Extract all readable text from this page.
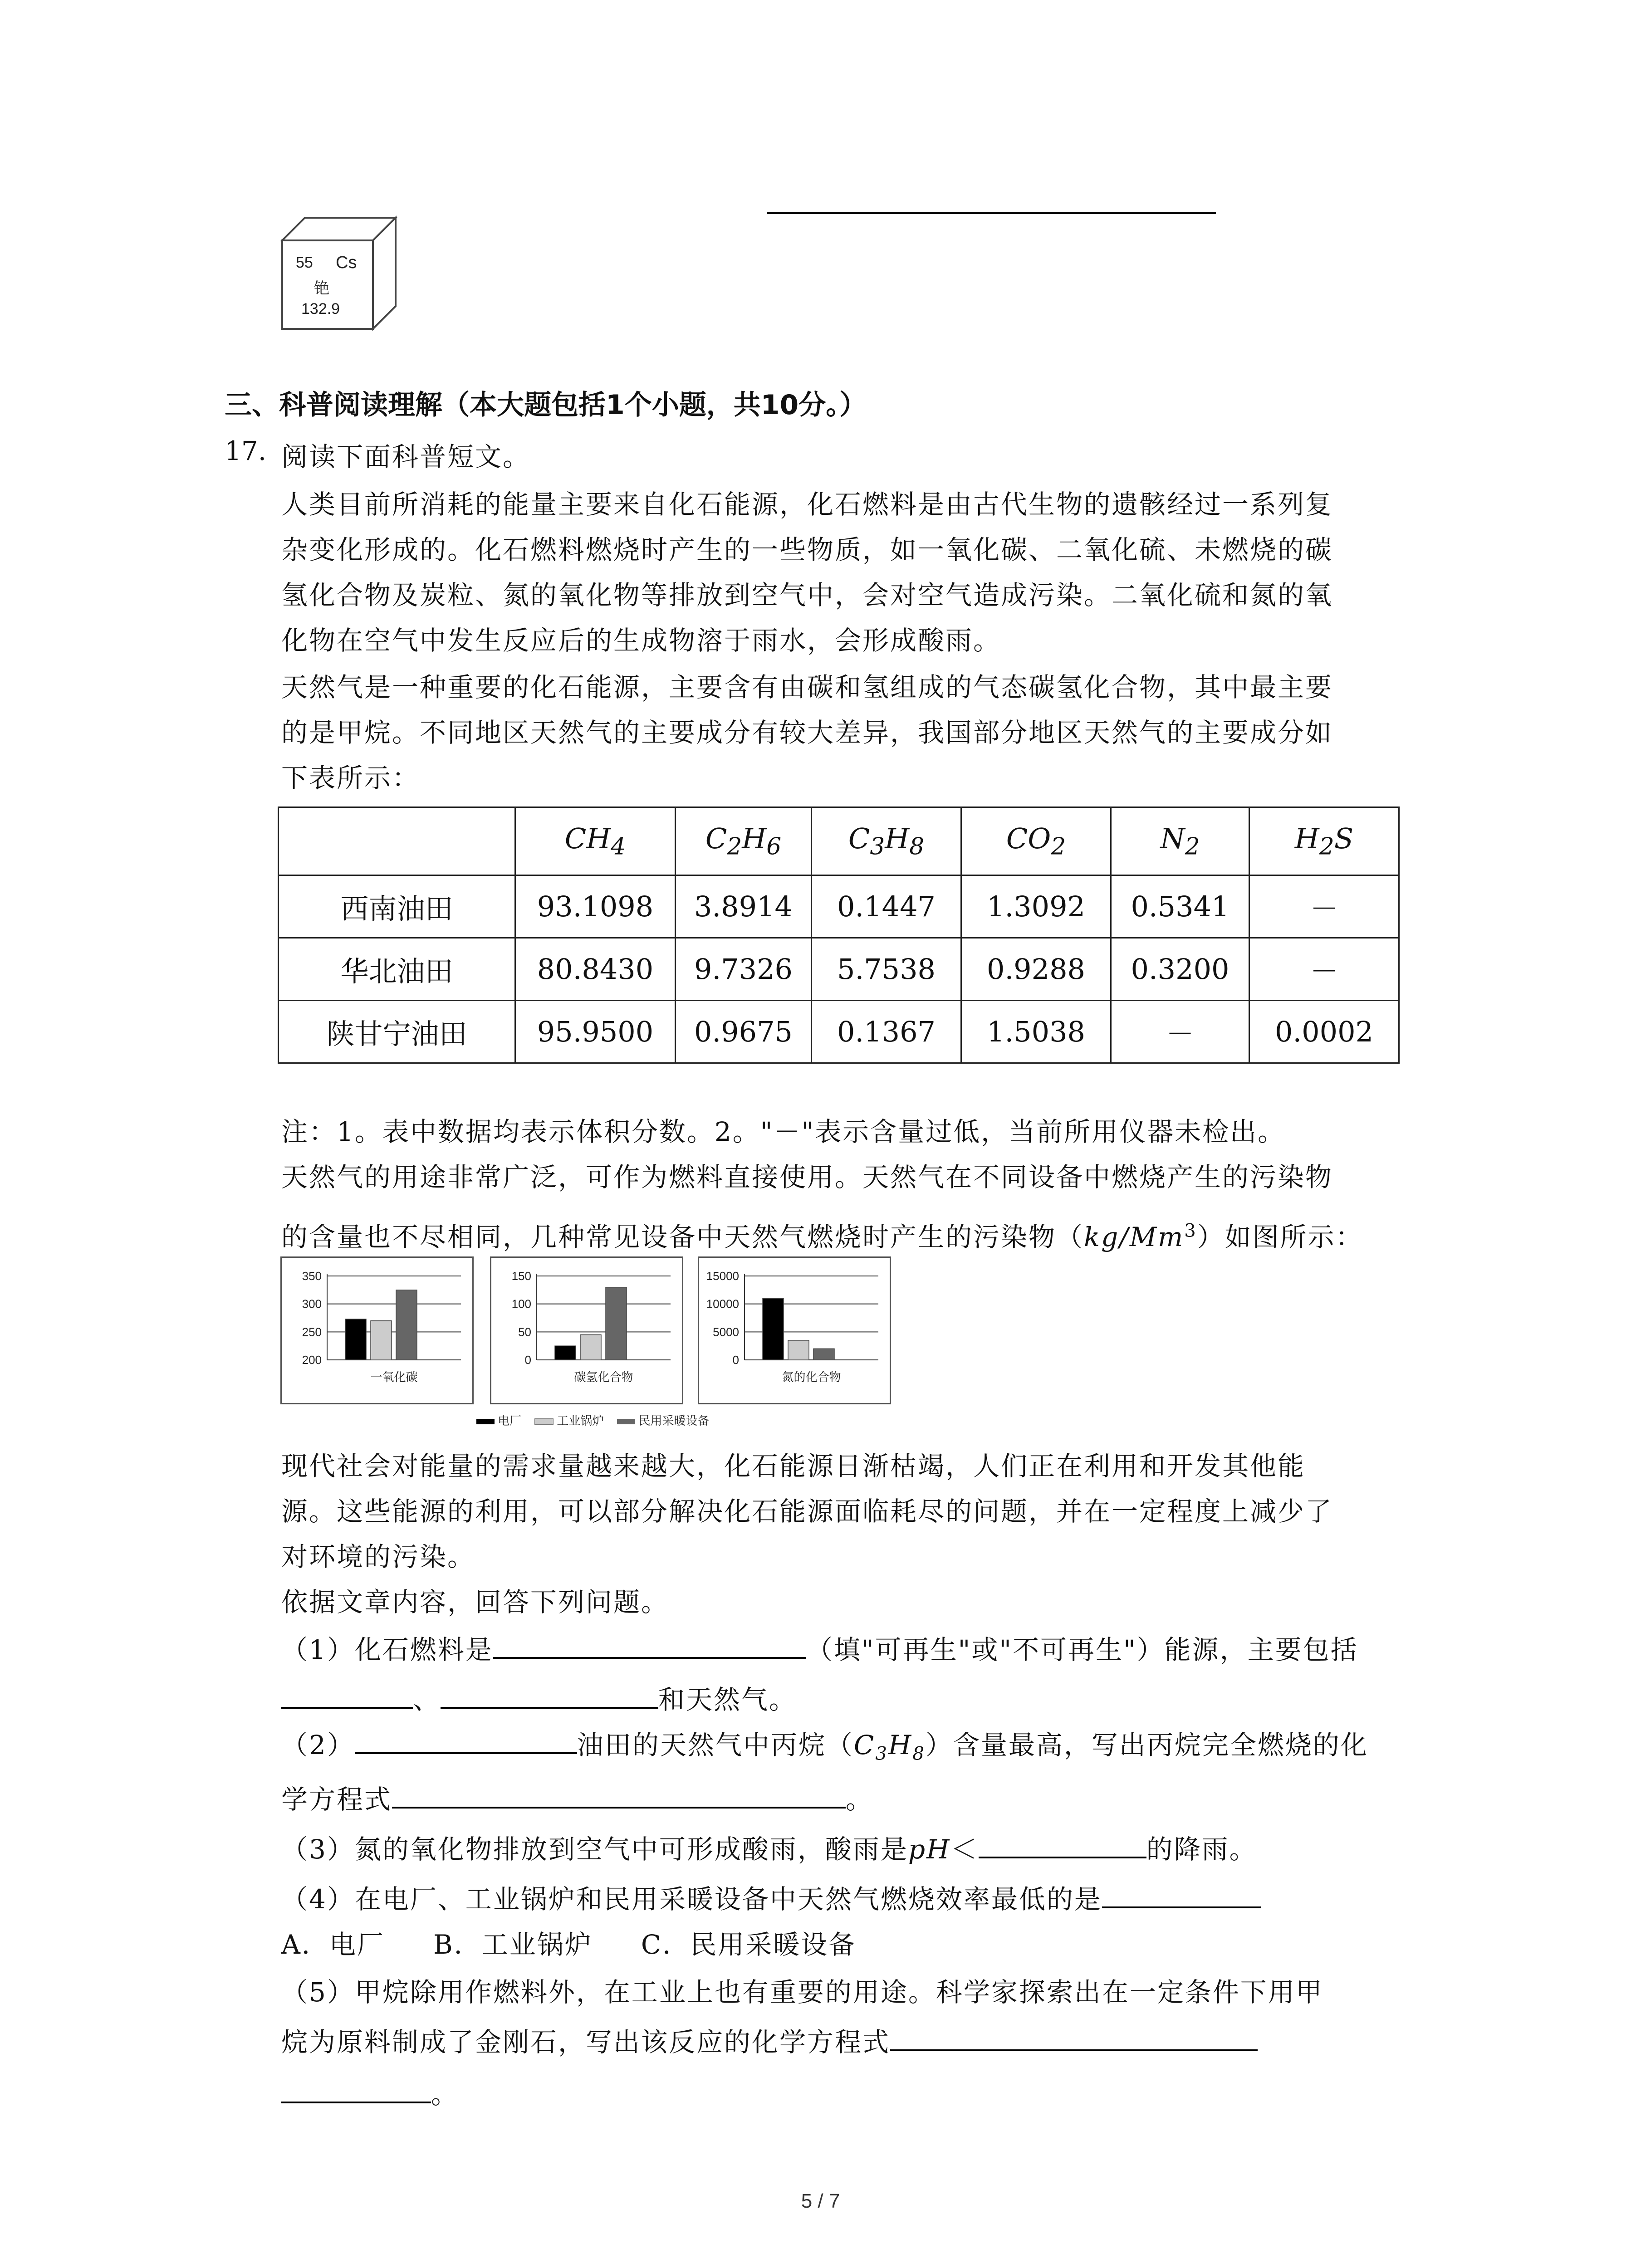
55 Cs
铯
132.9
三、科普阅读理解（本大题包括1个小题，共10分。）
17. 阅读下面科普短文。
人类目前所消耗的能量主要来自化石能源，化石燃料是由古代生物的遗骸经过一系列复
杂变化形成的。化石燃料燃烧时产生的一些物质，如一氧化碳、二氧化硫、未燃烧的碳
氢化合物及炭粒、氮的氧化物等排放到空气中，会对空气造成污染。二氧化硫和氮的氧
化物在空气中发生反应后的生成物溶于雨水，会形成酸雨。
天然气是一种重要的化石能源，主要含有由碳和氢组成的气态碳氢化合物，其中最主要
的是甲烷。不同地区天然气的主要成分有较大差异，我国部分地区天然气的主要成分如
下表所示：
	$CH_4$	$C_2H_6$	$C_3H_8$	$CO_2$	$N_2$	$H_2S$
西南油田	93.1098	3.8914	0.1447	1.3092	0.5341	－
华北油田	80.8430	9.7326	5.7538	0.9288	0.3200	－
陕甘宁油田	95.9500	0.9675	0.1367	1.5038	－	0.0002
注：1。表中数据均表示体积分数。2。"－"表示含量过低，当前所用仪器未检出。
天然气的用途非常广泛，可作为燃料直接使用。天然气在不同设备中燃烧产生的污染物
的含量也不尽相同，几种常见设备中天然气燃烧时产生的污染物（kg/Mm$^3$）如图所示：
200
250
300
350
一氧化碳
0
50
100
150
碳氢化合物
0
5000
10000
15000
氮的化合物
电厂	工业锅炉	民用采暖设备
现代社会对能量的需求量越来越大，化石能源日渐枯竭，人们正在利用和开发其他能
源。这些能源的利用，可以部分解决化石能源面临耗尽的问题，并在一定程度上减少了
对环境的污染。
依据文章内容，回答下列问题。
（1）化石燃料是	（填"可再生"或"不可再生"）能源，主要包括
、	和天然气。
（2）	油田的天然气中丙烷$(C_3H_8)$含量最高，写出丙烷完全燃烧的化
学方程式	。
（3）氮的氧化物排放到空气中可形成酸雨，酸雨是pH＜	的降雨。
（4）在电厂、工业锅炉和民用采暖设备中天然气燃烧效率最低的是
A．电厂 B．工业锅炉 C．民用采暖设备
（5）甲烷除用作燃料外，在工业上也有重要的用途。科学家探索出在一定条件下用甲
烷为原料制成了金刚石，写出该反应的化学方程式
。
5 / 7
